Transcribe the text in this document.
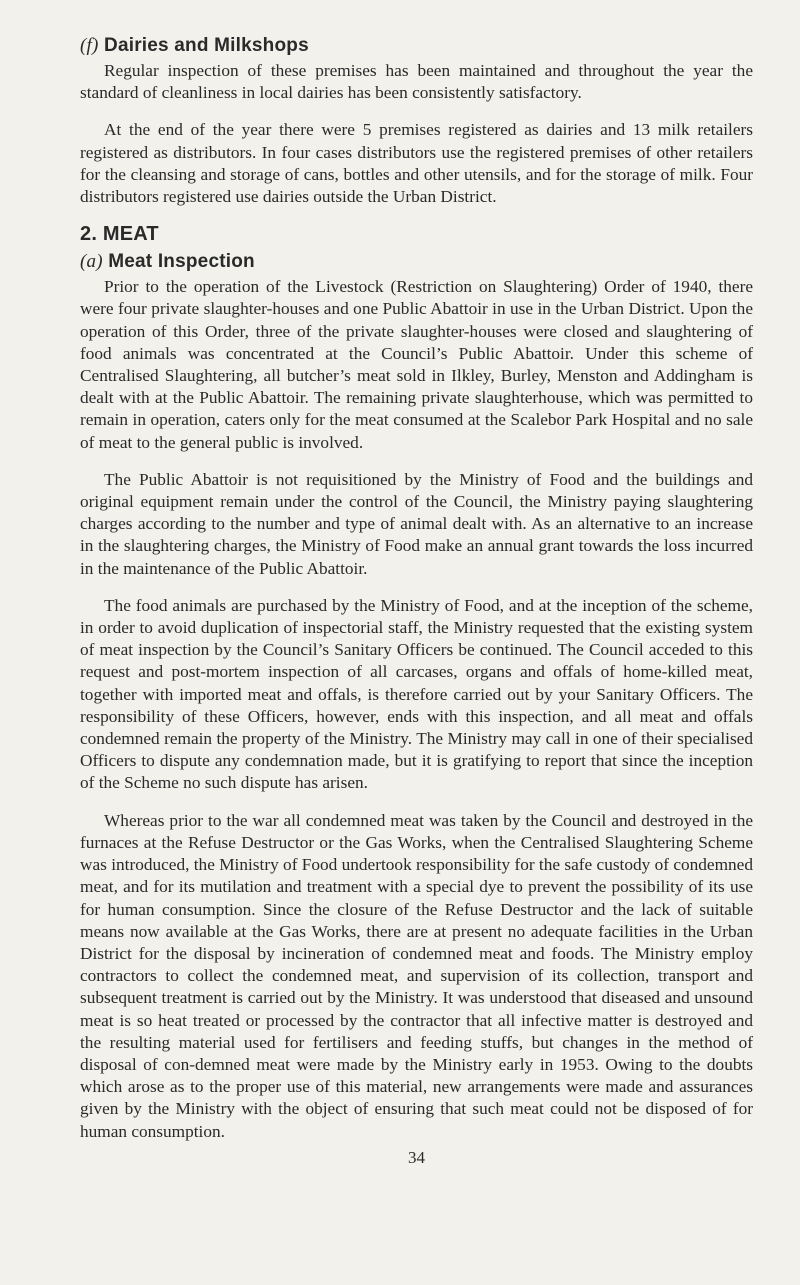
(f) Dairies and Milkshops

Regular inspection of these premises has been maintained and throughout the year the standard of cleanliness in local dairies has been consistently satisfactory.

At the end of the year there were 5 premises registered as dairies and 13 milk retailers registered as distributors. In four cases distributors use the registered premises of other retailers for the cleansing and storage of cans, bottles and other utensils, and for the storage of milk. Four distributors registered use dairies outside the Urban District.

2. MEAT
(a) Meat Inspection

Prior to the operation of the Livestock (Restriction on Slaughtering) Order of 1940, there were four private slaughter-houses and one Public Abattoir in use in the Urban District. Upon the operation of this Order, three of the private slaughter-houses were closed and slaughtering of food animals was concentrated at the Council’s Public Abattoir. Under this scheme of Centralised Slaughtering, all butcher’s meat sold in Ilkley, Burley, Menston and Addingham is dealt with at the Public Abattoir. The remaining private slaughterhouse, which was permitted to remain in operation, caters only for the meat consumed at the Scalebor Park Hospital and no sale of meat to the general public is involved.

The Public Abattoir is not requisitioned by the Ministry of Food and the buildings and original equipment remain under the control of the Council, the Ministry paying slaughtering charges according to the number and type of animal dealt with. As an alternative to an increase in the slaughtering charges, the Ministry of Food make an annual grant towards the loss incurred in the maintenance of the Public Abattoir.

The food animals are purchased by the Ministry of Food, and at the inception of the scheme, in order to avoid duplication of inspectorial staff, the Ministry requested that the existing system of meat inspection by the Council’s Sanitary Officers be continued. The Council acceded to this request and post-mortem inspection of all carcases, organs and offals of home-killed meat, together with imported meat and offals, is therefore carried out by your Sanitary Officers. The responsibility of these Officers, however, ends with this inspection, and all meat and offals condemned remain the property of the Ministry. The Ministry may call in one of their specialised Officers to dispute any condemnation made, but it is gratifying to report that since the inception of the Scheme no such dispute has arisen.

Whereas prior to the war all condemned meat was taken by the Council and destroyed in the furnaces at the Refuse Destructor or the Gas Works, when the Centralised Slaughtering Scheme was introduced, the Ministry of Food undertook responsibility for the safe custody of condemned meat, and for its mutilation and treatment with a special dye to prevent the possibility of its use for human consumption. Since the closure of the Refuse Destructor and the lack of suitable means now available at the Gas Works, there are at present no adequate facilities in the Urban District for the disposal by incineration of condemned meat and foods. The Ministry employ contractors to collect the condemned meat, and supervision of its collection, transport and subsequent treatment is carried out by the Ministry. It was understood that diseased and unsound meat is so heat treated or processed by the contractor that all infective matter is destroyed and the resulting material used for fertilisers and feeding stuffs, but changes in the method of disposal of con-demned meat were made by the Ministry early in 1953. Owing to the doubts which arose as to the proper use of this material, new arrangements were made and assurances given by the Ministry with the object of ensuring that such meat could not be disposed of for human consumption.

34
